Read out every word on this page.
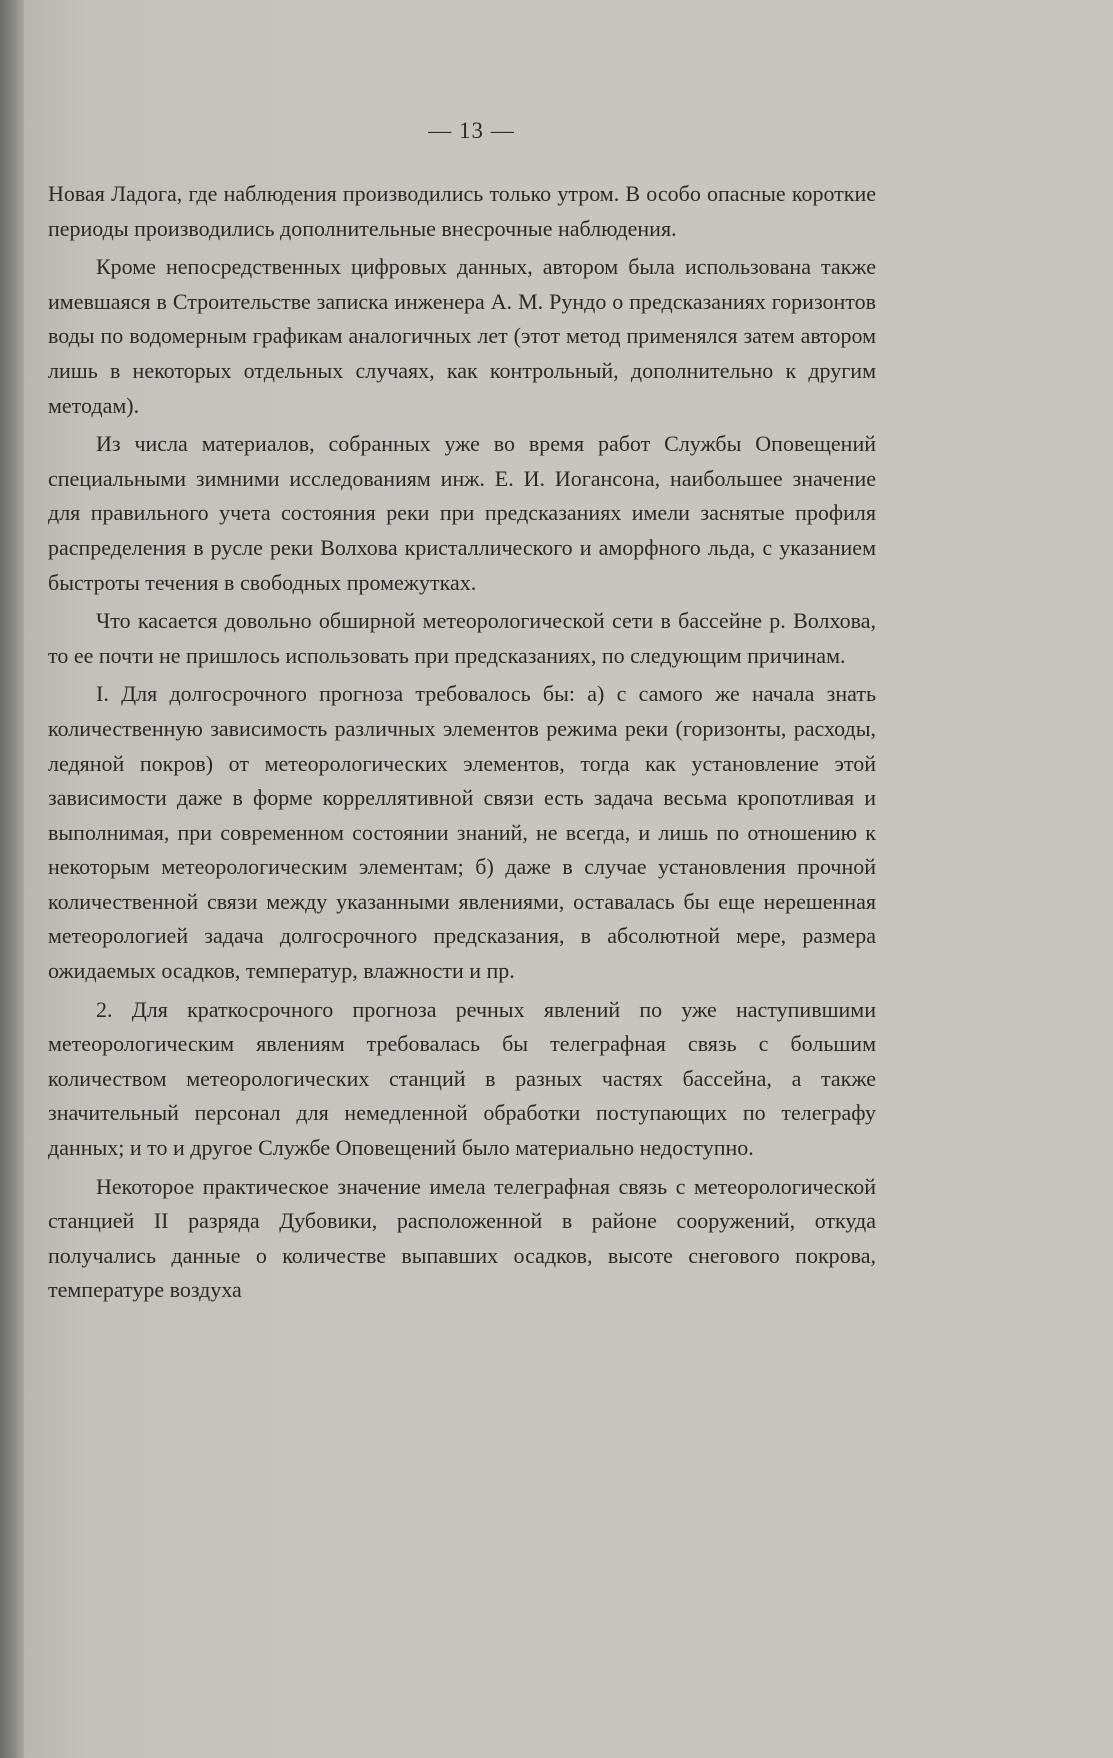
— 13 —

Новая Ладога, где наблюдения производились только утром. В особо опасные короткие периоды производились дополнительные внесрочные наблюдения.

Кроме непосредственных цифровых данных, автором была использована также имевшаяся в Строительстве записка инженера А. М. Рундо о предсказаниях горизонтов воды по водомерным графикам аналогичных лет (этот метод применялся затем автором лишь в некоторых отдельных случаях, как контрольный, дополнительно к другим методам).

Из числа материалов, собранных уже во время работ Службы Оповещений специальными зимними исследованиям инж. Е. И. Иогансона, наибольшее значение для правильного учета состояния реки при предсказаниях имели заснятые профиля распределения в русле реки Волхова кристаллического и аморфного льда, с указанием быстроты течения в свободных промежутках.

Что касается довольно обширной метеорологической сети в бассейне р. Волхова, то ее почти не пришлось использовать при предсказаниях, по следующим причинам.

I. Для долгосрочного прогноза требовалось бы: а) с самого же начала знать количественную зависимость различных элементов режима реки (горизонты, расходы, ледяной покров) от метеорологических элементов, тогда как установление этой зависимости даже в форме корреллятивной связи есть задача весьма кропотливая и выполнимая, при современном состоянии знаний, не всегда, и лишь по отношению к некоторым метеорологическим элементам; б) даже в случае установления прочной количественной связи между указанными явлениями, оставалась бы еще нерешенная метеорологией задача долгосрочного предсказания, в абсолютной мере, размера ожидаемых осадков, температур, влажности и пр.

2. Для краткосрочного прогноза речных явлений по уже наступившими метеорологическим явлениям требовалась бы телеграфная связь с большим количеством метеорологических станций в разных частях бассейна, а также значительный персонал для немедленной обработки поступающих по телеграфу данных; и то и другое Службе Оповещений было материально недоступно.

Некоторое практическое значение имела телеграфная связь с метеорологической станцией II разряда Дубовики, расположенной в районе сооружений, откуда получались данные о количестве выпавших осадков, высоте снегового покрова, температуре воздуха
